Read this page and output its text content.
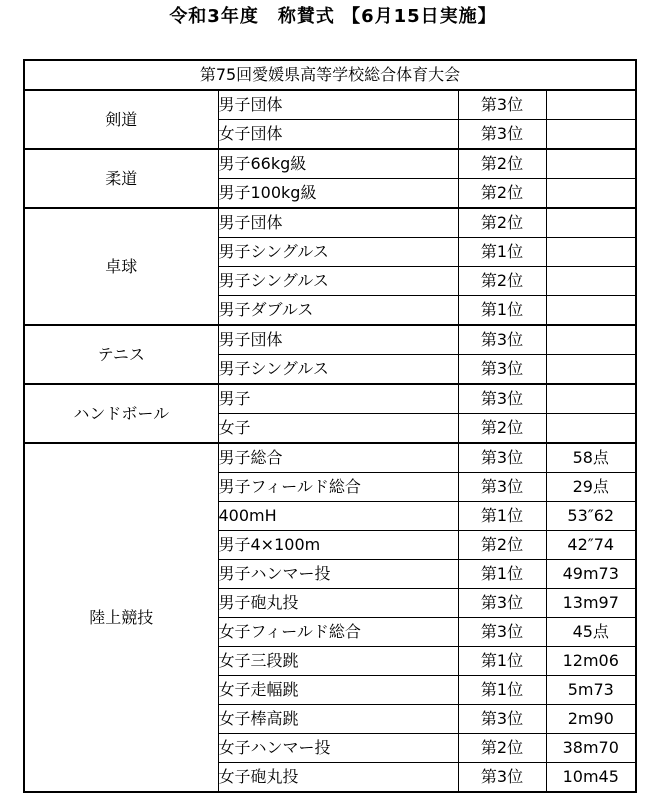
令和3年度　称賛式 【6月15日実施】
第75回愛媛県高等学校総合体育大会			
剣道	男子団体	第3位	
	女子団体	第3位	
柔道	男子66kg級	第2位	
	男子100kg級	第2位	
卓球	男子団体	第2位	
	男子シングルス	第1位	
	男子シングルス	第2位	
	男子ダブルス	第1位	
テニス	男子団体	第3位	
	男子シングルス	第3位	
ハンドボール	男子	第3位	
	女子	第2位	
陸上競技	男子総合	第3位	58点
	男子フィールド総合	第3位	29点
	400mH	第1位	53″62
	男子4×100m	第2位	42″74
	男子ハンマー投	第1位	49m73
	男子砲丸投	第3位	13m97
	女子フィールド総合	第3位	45点
	女子三段跳	第1位	12m06
	女子走幅跳	第1位	5m73
	女子棒高跳	第3位	2m90
	女子ハンマー投	第2位	38m70
	女子砲丸投	第3位	10m45
